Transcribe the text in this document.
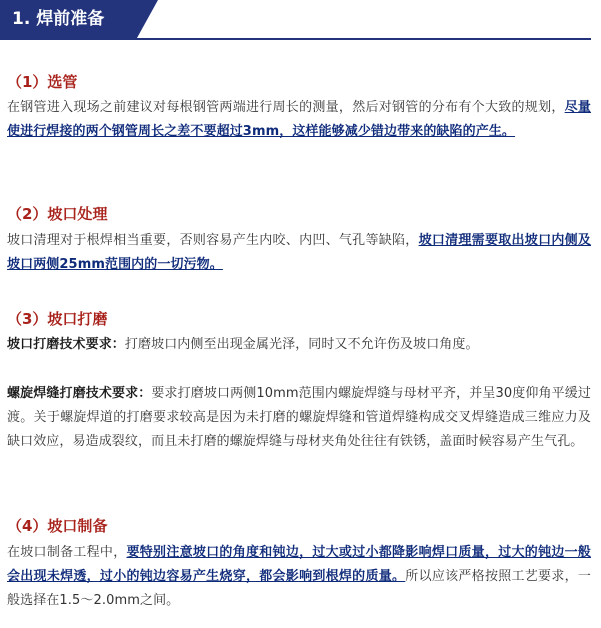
1. 焊前准备
（1）选管
在钢管进入现场之前建议对每根钢管两端进行周长的测量，然后对钢管的分布有个大致的规划，尽量使进行焊接的两个钢管周长之差不要超过3mm，这样能够减少错边带来的缺陷的产生。
（2）坡口处理
坡口清理对于根焊相当重要，否则容易产生内咬、内凹、气孔等缺陷，坡口清理需要取出坡口内侧及坡口两侧25mm范围内的一切污物。
（3）坡口打磨
坡口打磨技术要求：打磨坡口内侧至出现金属光泽，同时又不允许伤及坡口角度。
螺旋焊缝打磨技术要求：要求打磨坡口两侧10mm范围内螺旋焊缝与母材平齐，并呈30度仰角平缓过渡。关于螺旋焊道的打磨要求较高是因为未打磨的螺旋焊缝和管道焊缝构成交叉焊缝造成三维应力及缺口效应，易造成裂纹，而且未打磨的螺旋焊缝与母材夹角处往往有铁锈，盖面时候容易产生气孔。
（4）坡口制备
在坡口制备工程中，要特别注意坡口的角度和钝边，过大或过小都降影响焊口质量，过大的钝边一般会出现未焊透，过小的钝边容易产生烧穿，都会影响到根焊的质量。所以应该严格按照工艺要求，一般选择在1.5～2.0mm之间。
